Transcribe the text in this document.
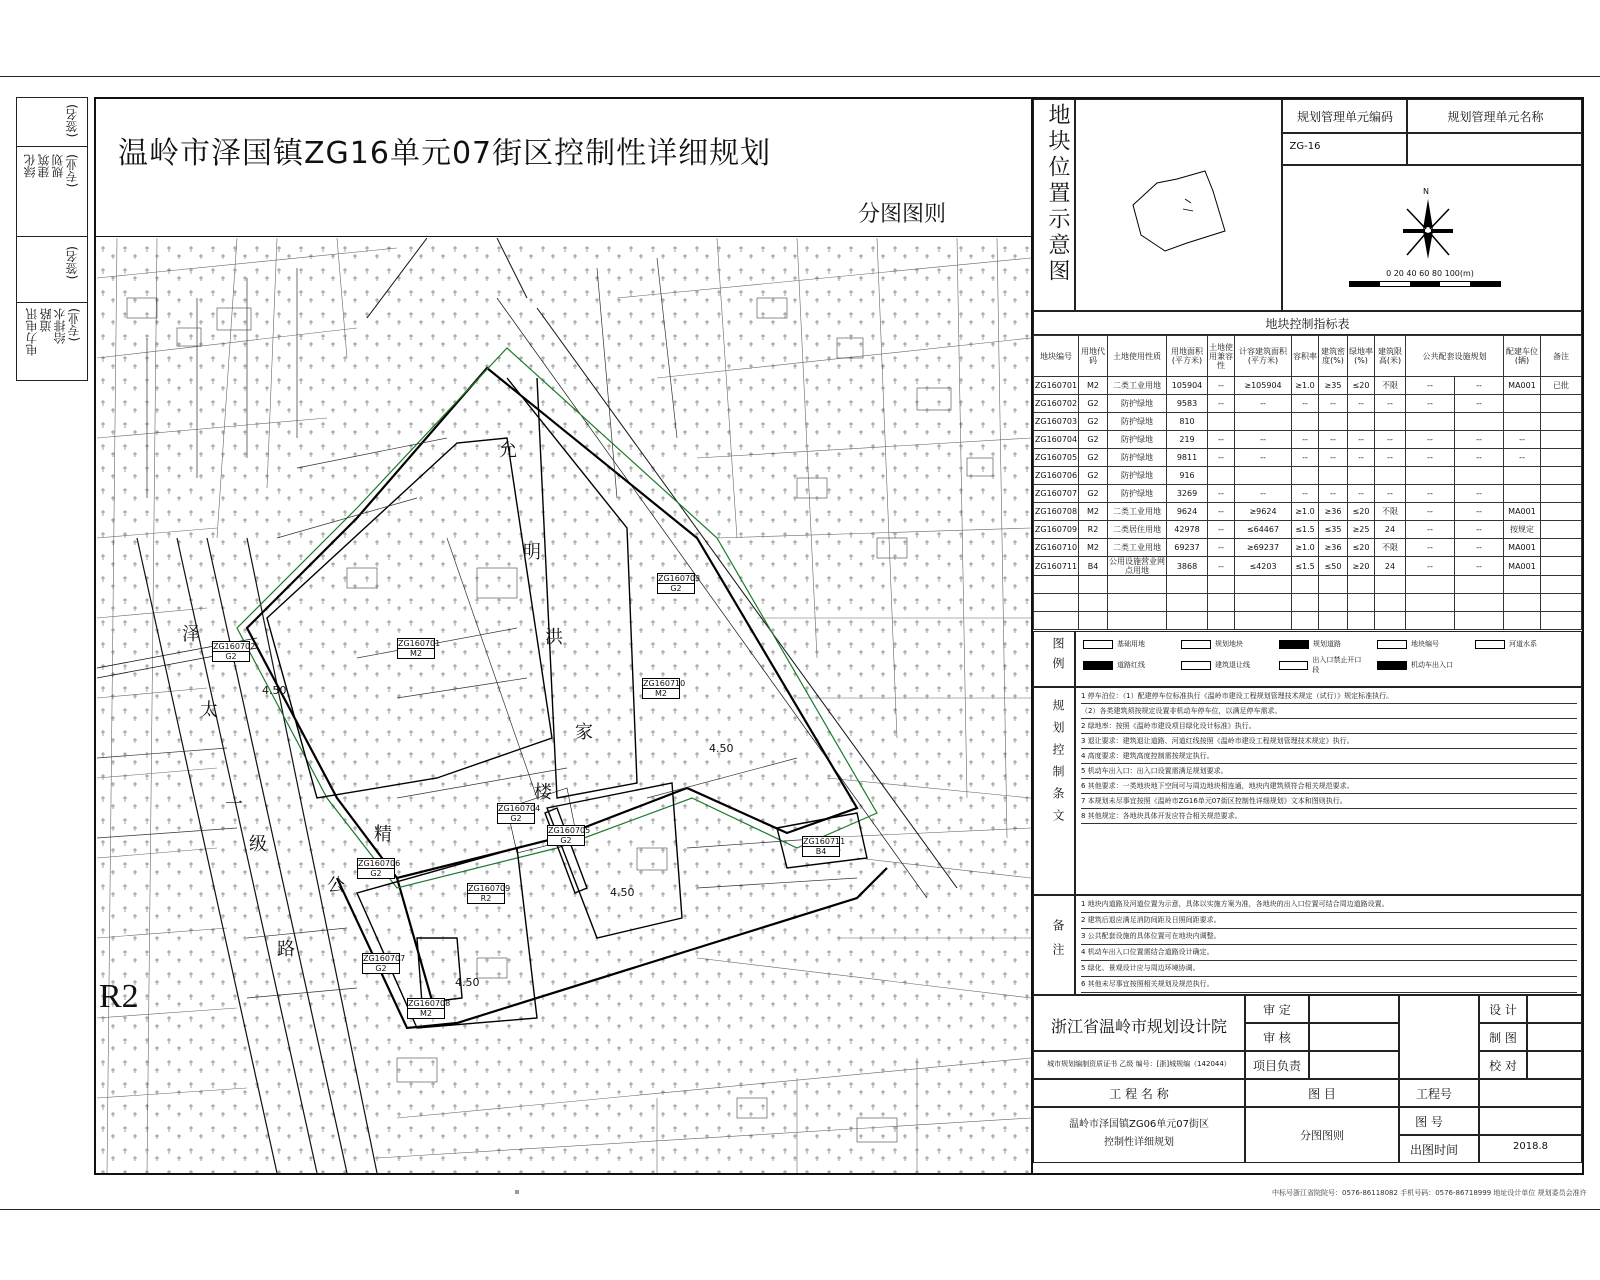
(签名)
(专业)
规划
建筑
绿化
(签名)
(专业)
给排水
道路
电力电讯
温岭市泽国镇ZG16单元07街区控制性详细规划
分图图则
ZG160701
M2
ZG160702
G2
ZG160703
G2
ZG160705
G2
ZG160706
G2
ZG160707
G2
ZG160708
M2
ZG160709
R2
ZG160710
M2
ZG160711
B4
ZG160704
G2
4.50
4.50
4.50
4.50
允
明
洪
家
楼
精
泽
太
一
级
公
路
R2
地块位置示意图	规划管理单元编码	规划管理单元名称
ZG-16
N
0 20 40 60 80 100(m)
地块控制指标表
地块编号	用地代码	土地使用性质	用地面积(平方米)	土地使用兼容性	计容建筑面积(平方米)	容积率	建筑密度(%)	绿地率(%)	建筑限高(米)	公共配套设施规划		配建车位(辆)	备注
ZG160701	M2	二类工业用地	105904	--	≥105904	≥1.0	≥35	≤20	不限	--	--	MA001	已批
ZG160702	G2	防护绿地	9583	--	--	--	--	--	--	--	--		
ZG160703	G2	防护绿地	810										
ZG160704	G2	防护绿地	219	--	--	--	--	--	--	--	--	--	
ZG160705	G2	防护绿地	9811	--	--	--	--	--	--	--	--	--	
ZG160706	G2	防护绿地	916										
ZG160707	G2	防护绿地	3269	--	--	--	--	--	--	--	--		
ZG160708	M2	二类工业用地	9624	--	≥9624	≥1.0	≥36	≤20	不限	--	--	MA001	
ZG160709	R2	二类居住用地	42978	--	≤64467	≤1.5	≤35	≥25	24	--	--	按规定	
ZG160710	M2	二类工业用地	69237	--	≥69237	≥1.0	≥36	≤20	不限	--	--	MA001	
ZG160711	B4	公用设施营业网点用地	3868	--	≤4203	≤1.5	≤50	≥20	24	--	--	MA001	

图例	基础用地	规划地块	规划道路	地块编号	河道水系
道路红线	建筑退让线
出入口禁止开口段
机动车出入口
规划控制条文
1 停车泊位：（1）配建停车位标准执行《温岭市建设工程规划管理技术规定（试行）》规定标准执行。
（2）各类建筑须按规定设置非机动车停车位，以满足停车需求。
2 绿地率：按照《温岭市建设项目绿化设计标准》执行。
3 退让要求：建筑退让道路、河道红线按照《温岭市建设工程规划管理技术规定》执行。
4 高度要求：建筑高度控制需按规定执行。
5 机动车出入口：出入口设置需满足规划要求。
6 其他要求：一类地块地下空间可与周边地块相连通，地块内建筑须符合相关规范要求。
7 本规划未尽事宜按照《温岭市ZG16单元07街区控制性详细规划》文本和图则执行。
8 其他规定：各地块具体开发应符合相关规范要求。
备注
1 地块内道路及河道位置为示意，具体以实施方案为准，各地块的出入口位置可结合周边道路设置。
2 建筑后退应满足消防间距及日照间距要求。
3 公共配套设施的具体位置可在地块内调整。
4 机动车出入口位置需结合道路设计确定。
5 绿化、景观设计应与周边环境协调。
6 其他未尽事宜按照相关规划及规范执行。
浙江省温岭市规划设计院
城市规划编制资质证书 乙级 编号：[浙]城规编（142044）
审 定
审 核
项目负责
设 计
制 图
校 对
工 程 名 称	图 目	工程号
温岭市泽国镇ZG06单元07街区
控制性详细规划
分图图则
图 号
出图时间	2018.8
中标号浙江省院院号：0576-86118082 手机号码：0576-86718999 地址设计单位 规划委员会准许
